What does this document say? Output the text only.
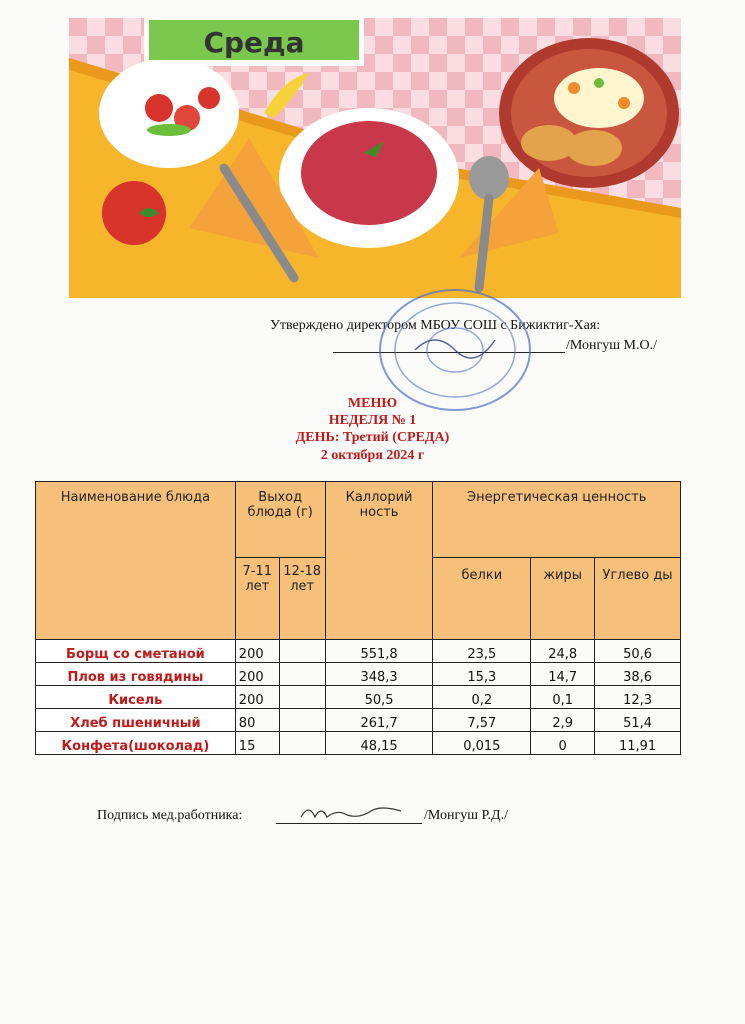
Среда
Утверждено директором МБОУ СОШ с Бижиктиг-Хая:
/Монгуш М.О./
МЕНЮ
НЕДЕЛЯ № 1
ДЕНЬ: Третий (СРЕДА)
2 октября 2024 г
Наименование блюда	Выход блюда (г)		Каллорий ность	Энергетическая ценность		
	7-11 лет	12-18 лет		белки	жиры	Углево ды
Борщ со сметаной	200		551,8	23,5	24,8	50,6
Плов из говядины	200		348,3	15,3	14,7	38,6
Кисель	200		50,5	0,2	0,1	12,3
Хлеб пшеничный	80		261,7	7,57	2,9	51,4
Конфета(шоколад)	15		48,15	0,015	0	11,91
Подпись мед.работника:	/Монгуш Р.Д./
